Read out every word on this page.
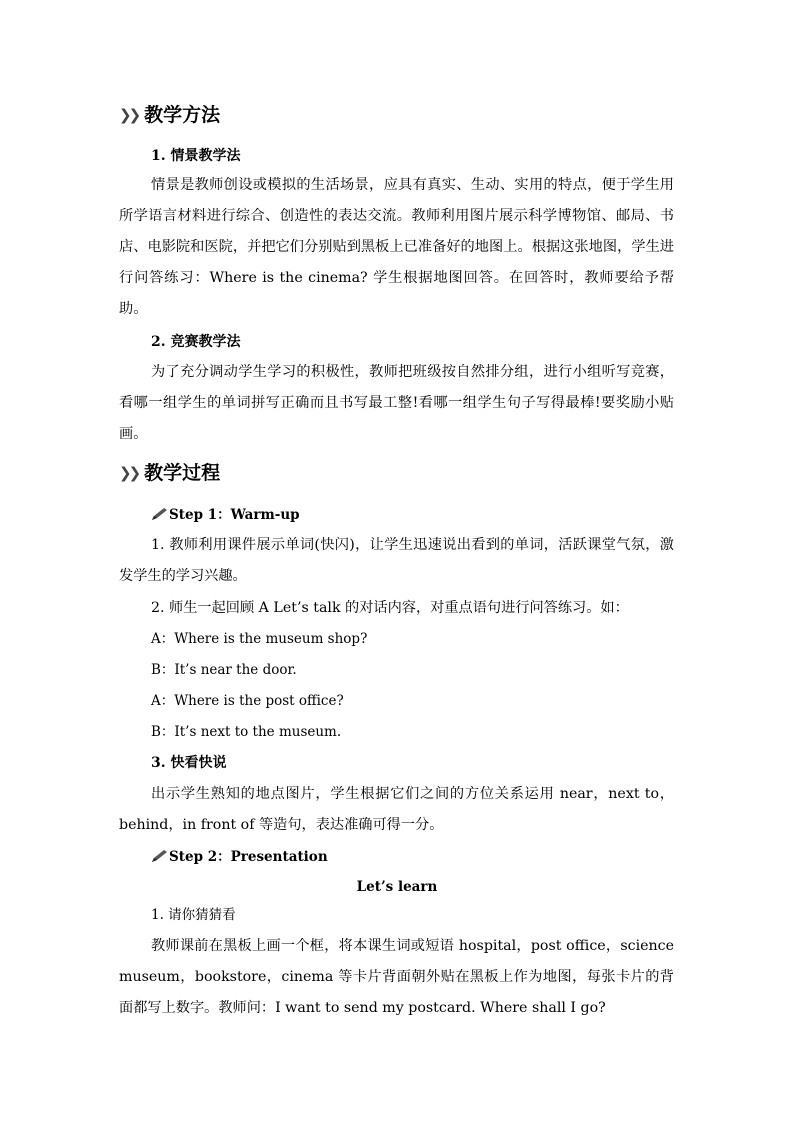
❯❯ 教学方法
1. 情景教学法
情景是教师创设或模拟的生活场景，应具有真实、生动、实用的特点，便于学生用所学语言材料进行综合、创造性的表达交流。教师利用图片展示科学博物馆、邮局、书店、电影院和医院，并把它们分别贴到黑板上已准备好的地图上。根据这张地图，学生进行问答练习：Where is the cinema? 学生根据地图回答。在回答时，教师要给予帮助。
2. 竞赛教学法
为了充分调动学生学习的积极性，教师把班级按自然排分组，进行小组听写竞赛，看哪一组学生的单词拼写正确而且书写最工整!看哪一组学生句子写得最棒!要奖励小贴画。
❯❯ 教学过程
Step 1：Warm-up
1. 教师利用课件展示单词(快闪)，让学生迅速说出看到的单词，活跃课堂气氛，激发学生的学习兴趣。
2. 师生一起回顾 A Let’s talk 的对话内容，对重点语句进行问答练习。如：
A：Where is the museum shop?
B：It’s near the door.
A：Where is the post office?
B：It’s next to the museum.
3. 快看快说
出示学生熟知的地点图片，学生根据它们之间的方位关系运用 near，next to，behind，in front of 等造句，表达准确可得一分。
Step 2：Presentation
Let’s learn
1. 请你猜猜看
教师课前在黑板上画一个框，将本课生词或短语 hospital，post office，science museum，bookstore，cinema 等卡片背面朝外贴在黑板上作为地图，每张卡片的背面都写上数字。教师问：I want to send my postcard. Where shall I go?
